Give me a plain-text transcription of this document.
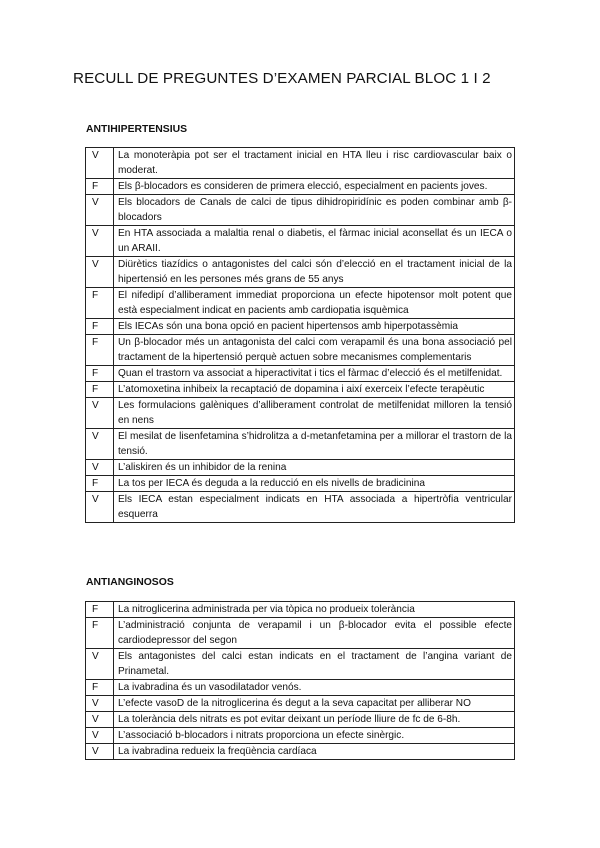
RECULL DE PREGUNTES D’EXAMEN PARCIAL BLOC 1 I 2
ANTIHIPERTENSIUS
V	La monoteràpia pot ser el tractament inicial en HTA lleu i risc cardiovascular baix o moderat.
F	Els β-blocadors es consideren de primera elecció, especialment en pacients joves.
V	Els blocadors de Canals de calci de tipus dihidropiridínic es poden combinar amb β-blocadors
V	En HTA associada a malaltia renal o diabetis, el fàrmac inicial aconsellat és un IECA o un ARAII.
V	Diürètics tiazídics o antagonistes del calci són d’elecció en el tractament inicial de la hipertensió en les persones més grans de 55 anys
F	El nifedipí d’alliberament immediat proporciona un efecte hipotensor molt potent que està especialment indicat en pacients amb cardiopatia isquèmica
F	Els IECAs són una bona opció en pacient hipertensos amb hiperpotassèmia
F	Un β-blocador més un antagonista del calci com verapamil és una bona associació pel tractament de la hipertensió perquè actuen sobre mecanismes complementaris
F	Quan el trastorn va associat a hiperactivitat i tics el fàrmac d’elecció és el metilfenidat.
F	L’atomoxetina inhibeix la recaptació de dopamina i així exerceix l’efecte terapèutic
V	Les formulacions galèniques d’alliberament controlat de metilfenidat milloren la tensió en nens
V	El mesilat de lisenfetamina s’hidrolitza a d-metanfetamina per a millorar el trastorn de la tensió.
V	L’aliskiren és un inhibidor de la renina
F	La tos per IECA és deguda a la reducció en els nivells de bradicinina
V	Els IECA estan especialment indicats en HTA associada a hipertròfia ventricular esquerra
ANTIANGINOSOS
F	La nitroglicerina administrada per via tòpica no produeix tolerància
F	L’administració conjunta de verapamil i un β-blocador evita el possible efecte cardiodepressor del segon
V	Els antagonistes del calci estan indicats en el tractament de l’angina variant de Prinametal.
F	La ivabradina és un vasodilatador venós.
V	L’efecte vasoD de la nitroglicerina és degut a la seva capacitat per alliberar NO
V	La tolerància dels nitrats es pot evitar deixant un període lliure de fc de 6-8h.
V	L’associació b-blocadors i nitrats proporciona un efecte sinèrgic.
V	La ivabradina redueix la freqüència cardíaca
